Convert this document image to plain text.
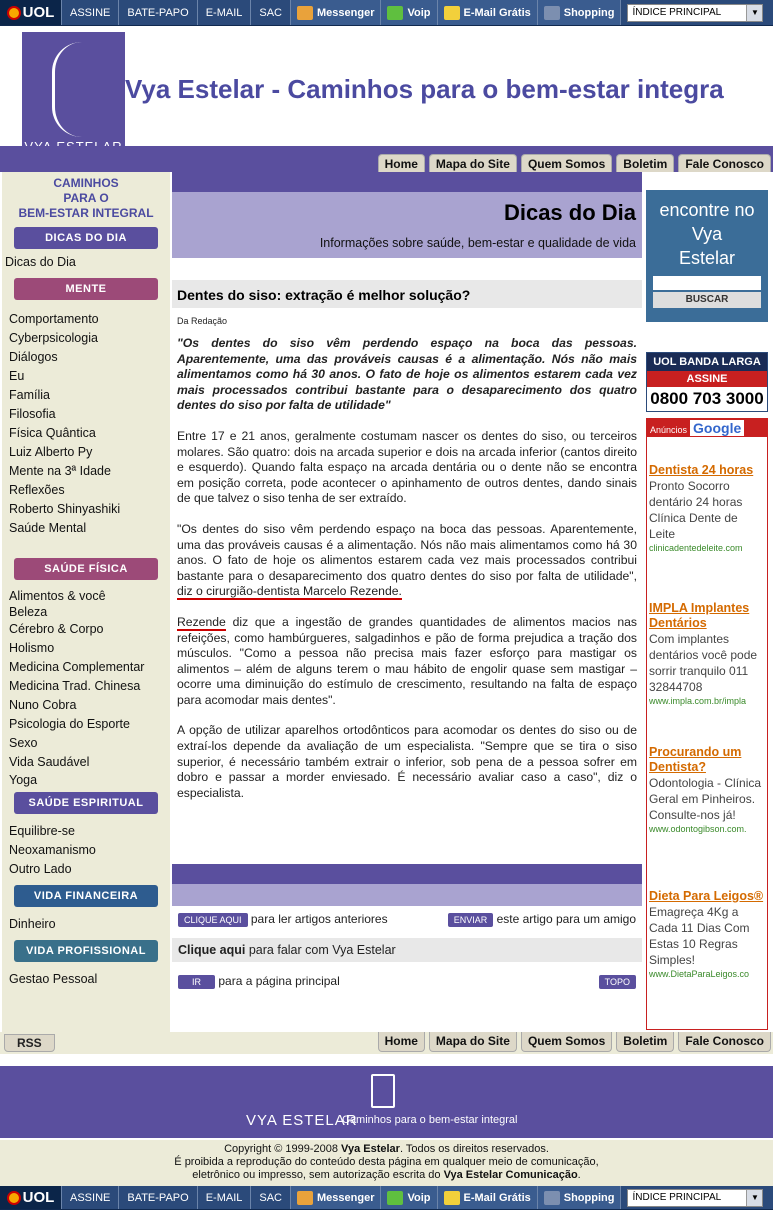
UOL	ASSINE	BATE-PAPO	E-MAIL	SAC	Messenger	Voip	E-Mail Grátis	Shopping ÍNDICE PRINCIPAL	▼
Vya Estelar - Caminhos para o bem-estar integra
Home	Mapa do Site	Quem Somos	Boletim	Fale Conosco
CAMINHOS
PARA O
BEM-ESTAR INTEGRAL
DICAS DO DIA
Dicas do Dia
MENTE
Comportamento
Cyberpsicologia
Diálogos
Eu
Família
Filosofia
Física Quântica
Luiz Alberto Py
Mente na 3ª Idade
Reflexões
Roberto Shinyashiki
Saúde Mental
SAÚDE FÍSICA
Alimentos & você
Beleza
Cérebro & Corpo
Holismo
Medicina Complementar
Medicina Trad. Chinesa
Nuno Cobra
Psicologia do Esporte
Sexo
Vida Saudável
Yoga
SAÚDE ESPIRITUAL
Equilibre-se
Neoxamanismo
Outro Lado
VIDA FINANCEIRA
Dinheiro
VIDA PROFISSIONAL
Gestao Pessoal
Dicas do Dia
Informações sobre saúde, bem-estar e qualidade de vida
Dentes do siso: extração é melhor solução?
Da Redação

"Os dentes do siso vêm perdendo espaço na boca das pessoas. Aparentemente, uma das prováveis causas é a alimentação. Nós não mais alimentamos como há 30 anos. O fato de hoje os alimentos estarem cada vez mais processados contribui bastante para o desaparecimento dos quatro dentes do siso por falta de utilidade"

Entre 17 e 21 anos, geralmente costumam nascer os dentes do siso, ou terceiros molares. São quatro: dois na arcada superior e dois na arcada inferior (cantos direito e esquerdo). Quando falta espaço na arcada dentária ou o dente não se encontra em posição correta, pode acontecer o apinhamento de outros dentes, dando sinais de que talvez o siso tenha de ser extraído.

"Os dentes do siso vêm perdendo espaço na boca das pessoas. Aparentemente, uma das prováveis causas é a alimentação. Nós não mais alimentamos como há 30 anos. O fato de hoje os alimentos estarem cada vez mais processados contribui bastante para o desaparecimento dos quatro dentes do siso por falta de utilidade", diz o cirurgião-dentista Marcelo Rezende.

Rezende diz que a ingestão de grandes quantidades de alimentos macios nas refeições, como hambúrgueres, salgadinhos e pão de forma prejudica a tração dos músculos. "Como a pessoa não precisa mais fazer esforço para mastigar os alimentos – além de alguns terem o mau hábito de engolir quase sem mastigar – ocorre uma diminuição do estímulo de crescimento, resultando na falta de espaço para acomodar mais dentes".

A opção de utilizar aparelhos ortodônticos para acomodar os dentes do siso ou de extraí-los depende da avaliação de um especialista. "Sempre que se tira o siso superior, é necessário também extrair o inferior, sob pena de a pessoa sofrer em dobro e passar a morder enviesado. É necessário avaliar caso a caso", diz o especialista.

CLIQUE AQUI para ler artigos anteriores	ENVIAR este artigo para um amigo
Clique aqui para falar com Vya Estelar
IR para a página principal	TOPO
encontre no
Vya
Estelar
BUSCAR
UOL BANDA LARGA
ASSINE
0800 703 3000
Anúncios Google
Dentista 24 horas
Pronto Socorro dentário 24 horas Clínica Dente de Leite
clinicadentedeleite.com
IMPLA Implantes Dentários
Com implantes dentários você pode sorrir tranquilo 011 32844708
www.impla.com.br/impla
Procurando um Dentista?
Odontologia - Clínica Geral em Pinheiros. Consulte-nos já!
www.odontogibson.com.
Dieta Para Leigos®
Emagreça 4Kg a Cada 11 Dias Com Estas 10 Regras Simples!
www.DietaParaLeigos.co
RSS	Home	Mapa do Site	Quem Somos	Boletim	Fale Conosco
VYA ESTELAR
Caminhos para o bem-estar integral
Copyright © 1999-2008 Vya Estelar. Todos os direitos reservados.
É proibida a reprodução do conteúdo desta página em qualquer meio de comunicação,
eletrônico ou impresso, sem autorização escrita do Vya Estelar Comunicação.
UOL	ASSINE	BATE-PAPO	E-MAIL	SAC	Messenger	Voip	E-Mail Grátis	Shopping ÍNDICE PRINCIPAL	▼
